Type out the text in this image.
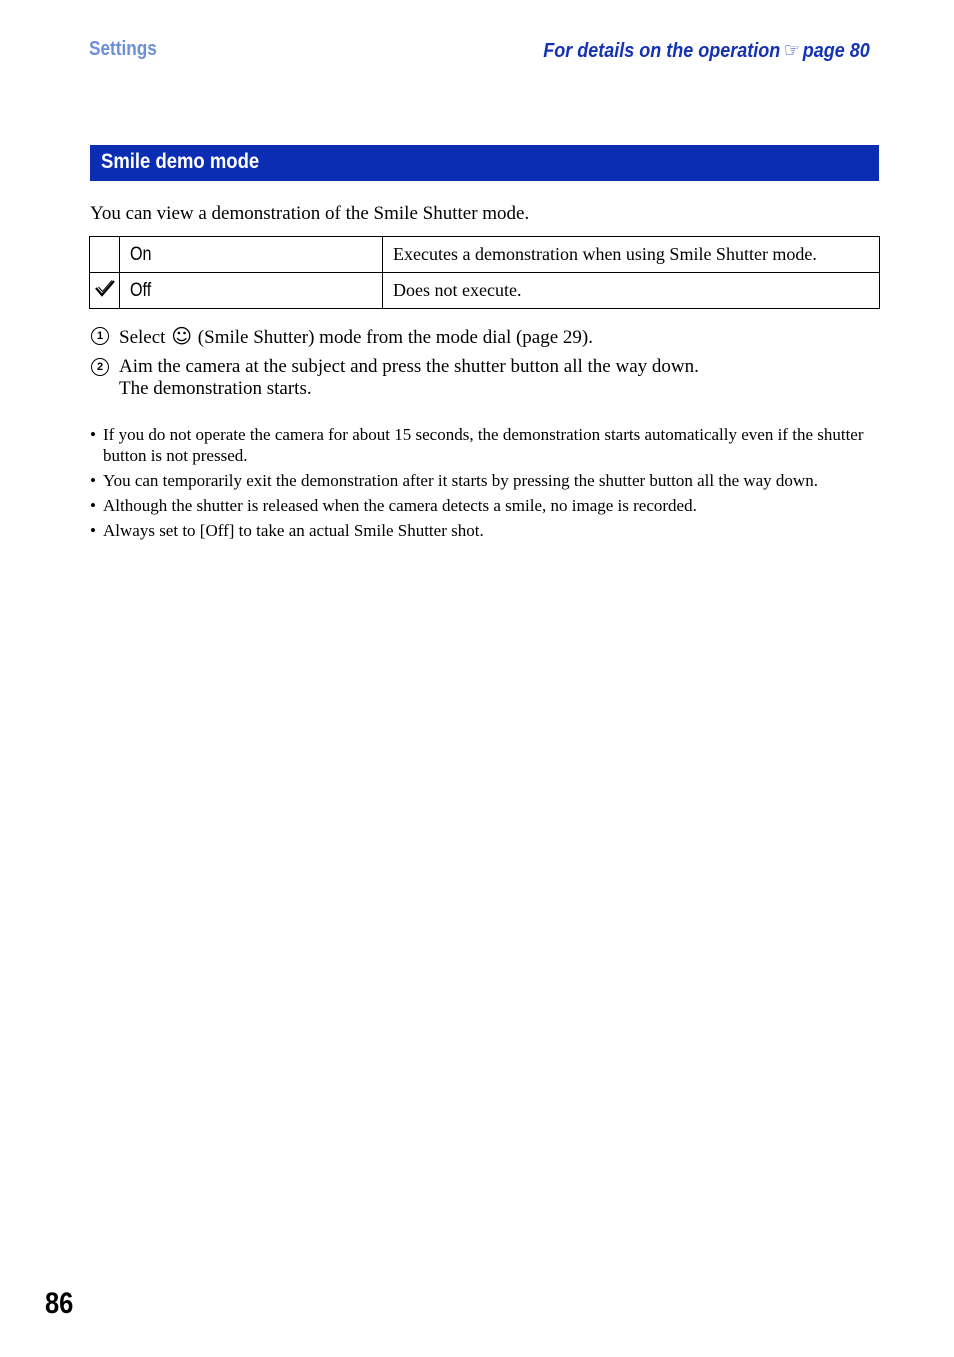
Settings	For details on the operation ☞ page 80
Smile demo mode
You can view a demonstration of the Smile Shutter mode.
	On	Executes a demonstration when using Smile Shutter mode.
	Off	Does not execute.
1 Select ☺ (Smile Shutter) mode from the mode dial (page 29).
2 Aim the camera at the subject and press the shutter button all the way down.
The demonstration starts.
• If you do not operate the camera for about 15 seconds, the demonstration starts automatically even if the shutter button is not pressed.
• You can temporarily exit the demonstration after it starts by pressing the shutter button all the way down.
• Although the shutter is released when the camera detects a smile, no image is recorded.
• Always set to [Off] to take an actual Smile Shutter shot.
86
